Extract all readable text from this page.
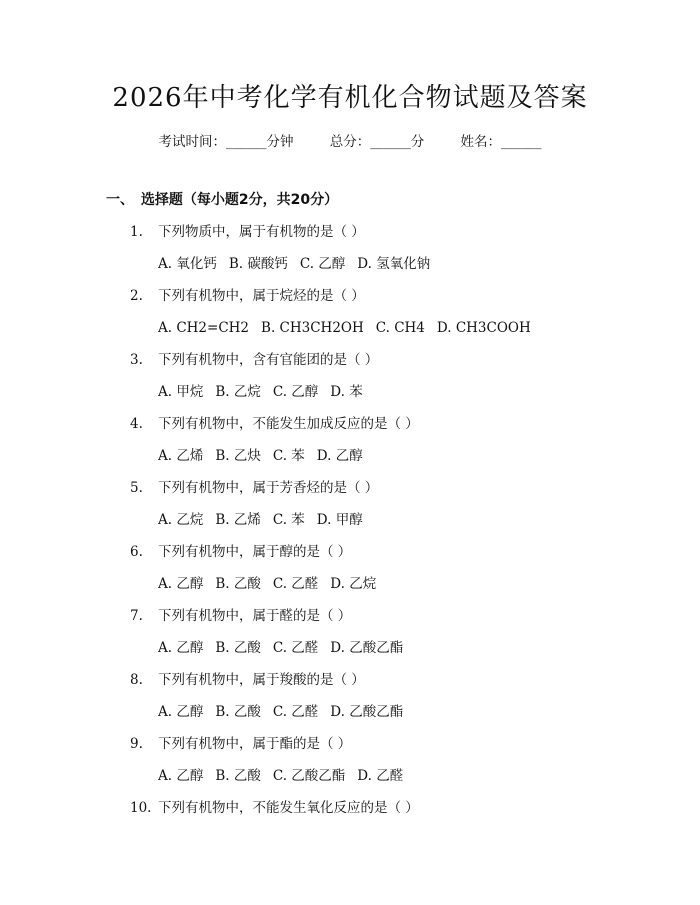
2026年中考化学有机化合物试题及答案
考试时间：______分钟	总分：______分	姓名：______
一、 选择题（每小题2分，共20分）
1. 下列物质中，属于有机物的是（ ）
A. 氧化钙 B. 碳酸钙 C. 乙醇 D. 氢氧化钠
2. 下列有机物中，属于烷烃的是（ ）
A. CH2=CH2 B. CH3CH2OH C. CH4 D. CH3COOH
3. 下列有机物中，含有官能团的是（ ）
A. 甲烷 B. 乙烷 C. 乙醇 D. 苯
4. 下列有机物中，不能发生加成反应的是（ ）
A. 乙烯 B. 乙炔 C. 苯 D. 乙醇
5. 下列有机物中，属于芳香烃的是（ ）
A. 乙烷 B. 乙烯 C. 苯 D. 甲醇
6. 下列有机物中，属于醇的是（ ）
A. 乙醇 B. 乙酸 C. 乙醛 D. 乙烷
7. 下列有机物中，属于醛的是（ ）
A. 乙醇 B. 乙酸 C. 乙醛 D. 乙酸乙酯
8. 下列有机物中，属于羧酸的是（ ）
A. 乙醇 B. 乙酸 C. 乙醛 D. 乙酸乙酯
9. 下列有机物中，属于酯的是（ ）
A. 乙醇 B. 乙酸 C. 乙酸乙酯 D. 乙醛
10. 下列有机物中，不能发生氧化反应的是（ ）
